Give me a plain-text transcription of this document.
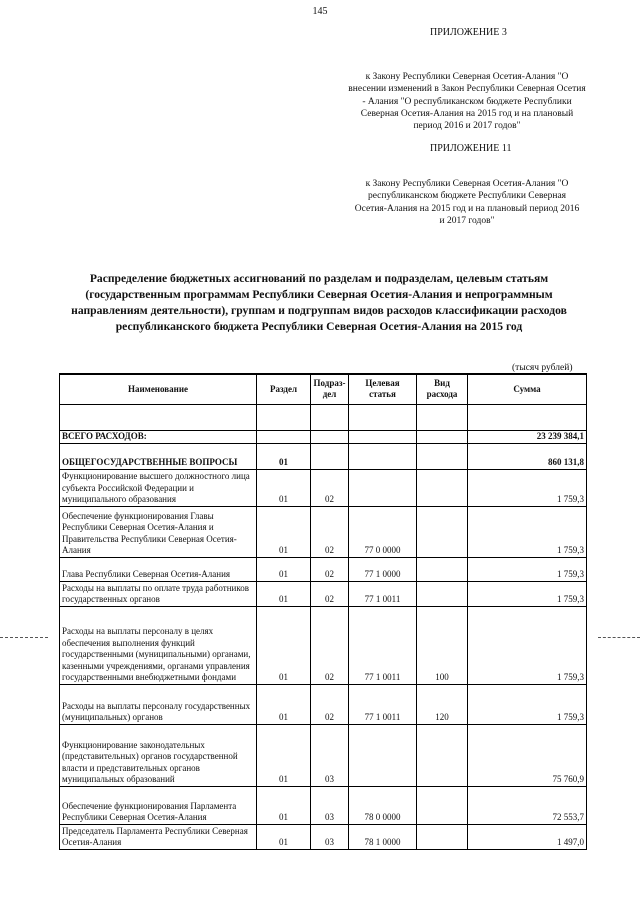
145
ПРИЛОЖЕНИЕ 3
к Закону Республики Северная Осетия-Алания "О внесении изменений в Закон Республики Северная Осетия - Алания "О республиканском бюджете Республики Северная Осетия-Алания на 2015 год и на плановый период 2016 и 2017 годов"
ПРИЛОЖЕНИЕ 11
к Закону Республики Северная Осетия-Алания "О республиканском бюджете Республики Северная Осетия-Алания на 2015 год и на плановый период 2016 и 2017 годов"
Распределение бюджетных ассигнований по разделам и подразделам, целевым статьям (государственным программам Республики Северная Осетия-Алания и непрограммным направлениям деятельности), группам и подгруппам видов расходов классификации расходов республиканского бюджета Республики Северная Осетия-Алания на 2015 год
(тысяч рублей)
Наименование	Раздел	Подраз-дел	Целевая статья	Вид расхода	Сумма

ВСЕГО РАСХОДОВ:					23 239 384,1
ОБЩЕГОСУДАРСТВЕННЫЕ ВОПРОСЫ	01				860 131,8
Функционирование высшего должностного лица субъекта Российской Федерации и муниципального образования	01	02			1 759,3
Обеспечение функционирования Главы Республики Северная Осетия-Алания и Правительства Республики Северная Осетия-Алания	01	02	77 0 0000		1 759,3
Глава Республики Северная Осетия-Алания	01	02	77 1 0000		1 759,3
Расходы на выплаты по оплате труда работников государственных органов	01	02	77 1 0011		1 759,3
Расходы на выплаты персоналу в целях обеспечения выполнения функций государственными (муниципальными) органами, казенными учреждениями, органами управления государственными внебюджетными фондами	01	02	77 1 0011	100	1 759,3
Расходы на выплаты персоналу государственных (муниципальных) органов	01	02	77 1 0011	120	1 759,3
Функционирование законодательных (представительных) органов государственной власти и представительных органов муниципальных образований	01	03			75 760,9
Обеспечение функционирования Парламента Республики Северная Осетия-Алания	01	03	78 0 0000		72 553,7
Председатель Парламента Республики Северная Осетия-Алания	01	03	78 1 0000		1 497,0
